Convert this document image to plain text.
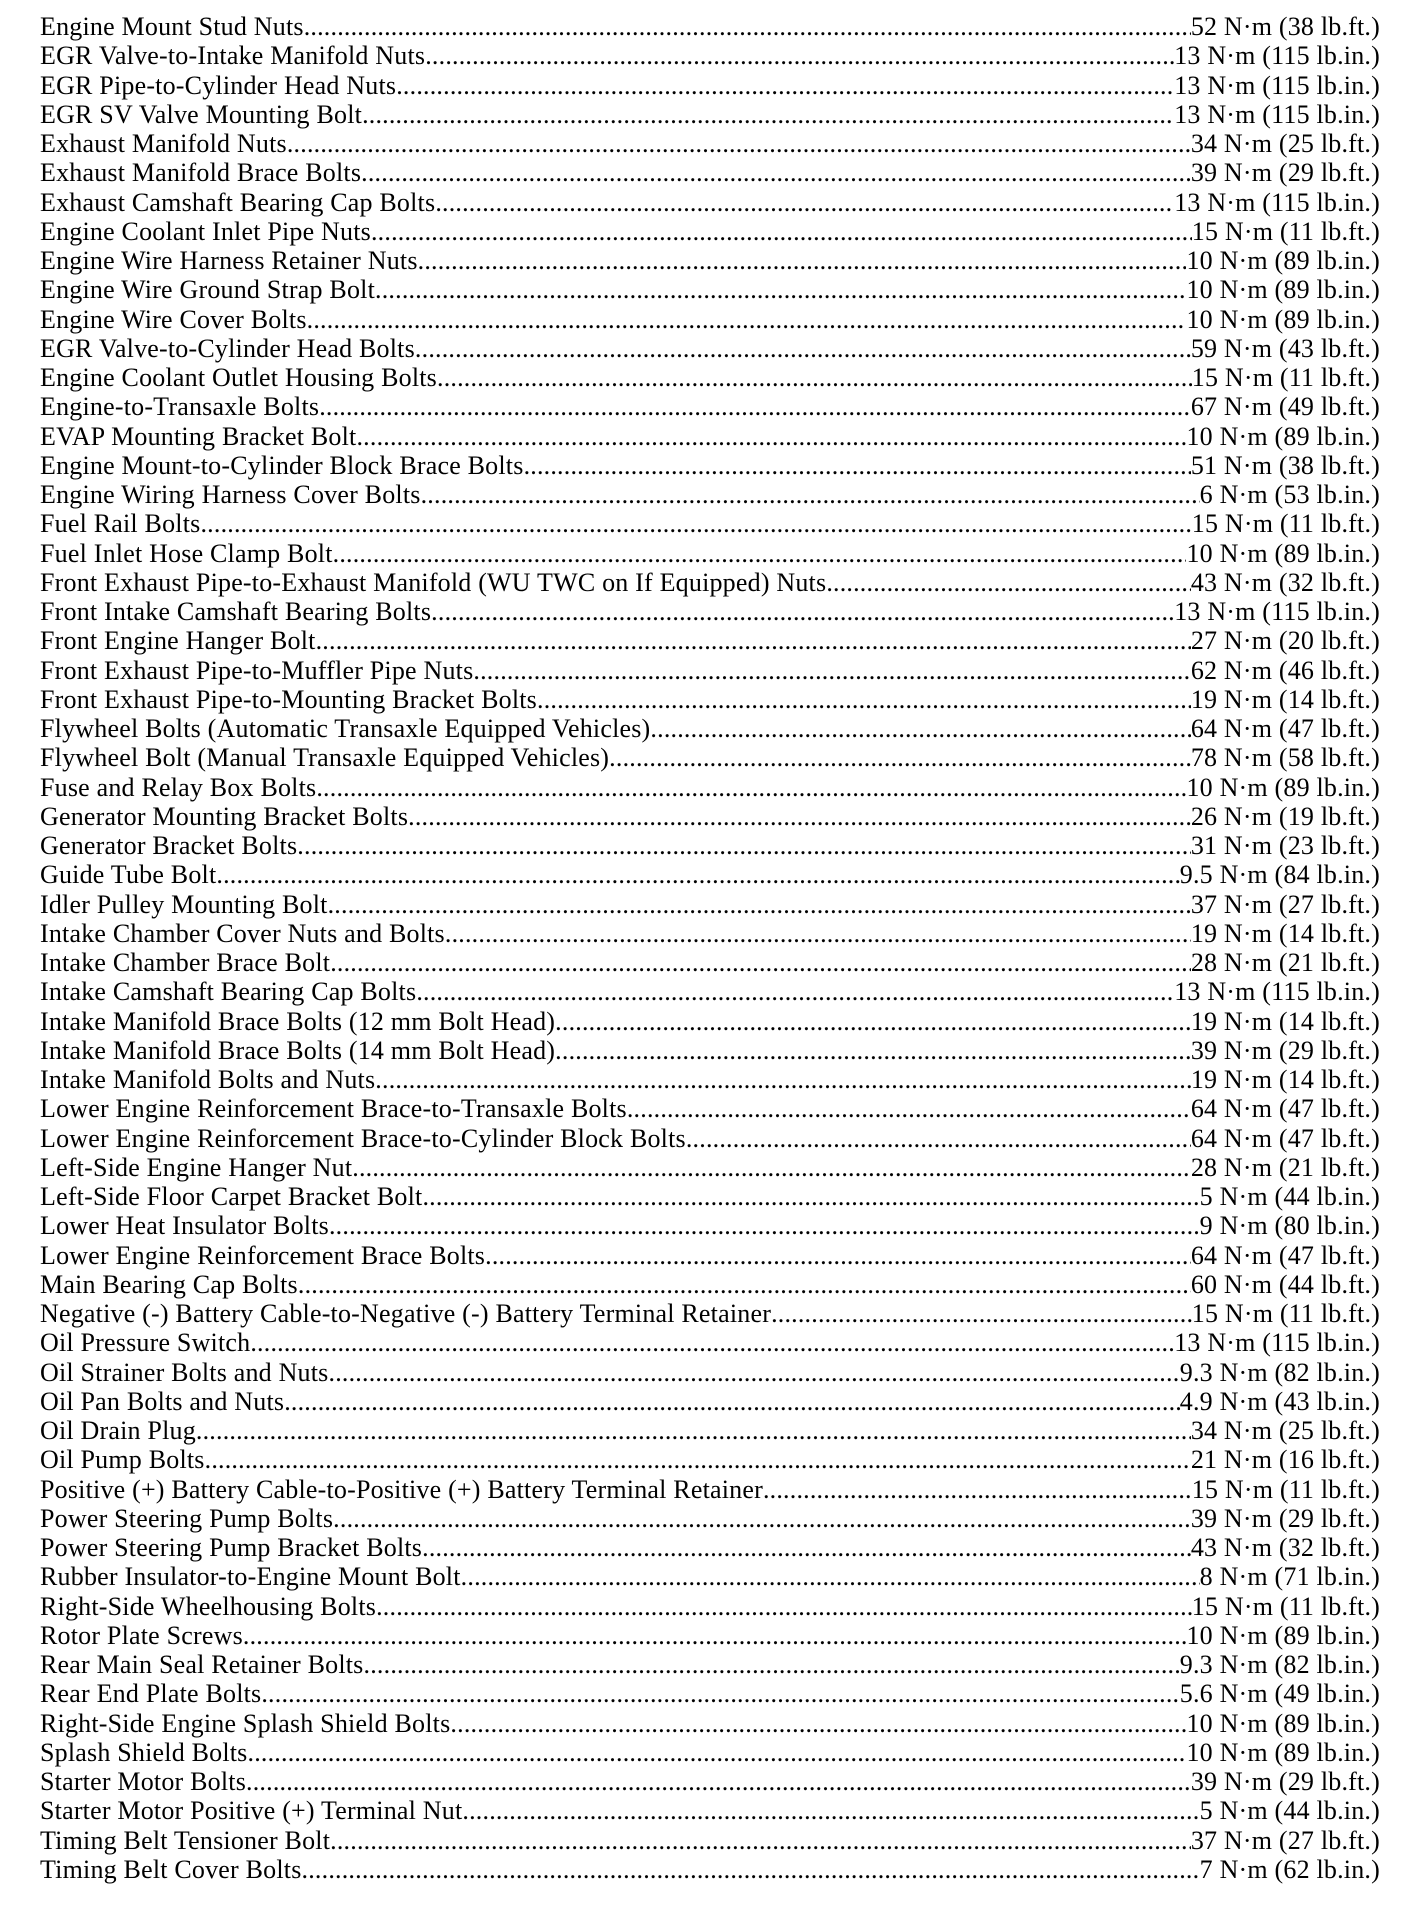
Engine Mount Stud Nuts .....	52 N·m (38 lb.ft.)
EGR Valve-to-Intake Manifold Nuts .....	13 N·m (115 lb.in.)
EGR Pipe-to-Cylinder Head Nuts .....	13 N·m (115 lb.in.)
EGR SV Valve Mounting Bolt .....	13 N·m (115 lb.in.)
Exhaust Manifold Nuts .....	34 N·m (25 lb.ft.)
Exhaust Manifold Brace Bolts .....	39 N·m (29 lb.ft.)
Exhaust Camshaft Bearing Cap Bolts .....	13 N·m (115 lb.in.)
Engine Coolant Inlet Pipe Nuts .....	15 N·m (11 lb.ft.)
Engine Wire Harness Retainer Nuts .....	10 N·m (89 lb.in.)
Engine Wire Ground Strap Bolt .....	10 N·m (89 lb.in.)
Engine Wire Cover Bolts .....	10 N·m (89 lb.in.)
EGR Valve-to-Cylinder Head Bolts .....	59 N·m (43 lb.ft.)
Engine Coolant Outlet Housing Bolts .....	15 N·m (11 lb.ft.)
Engine-to-Transaxle Bolts .....	67 N·m (49 lb.ft.)
EVAP Mounting Bracket Bolt .....	10 N·m (89 lb.in.)
Engine Mount-to-Cylinder Block Brace Bolts .....	51 N·m (38 lb.ft.)
Engine Wiring Harness Cover Bolts .....	6 N·m (53 lb.in.)
Fuel Rail Bolts .....	15 N·m (11 lb.ft.)
Fuel Inlet Hose Clamp Bolt .....	10 N·m (89 lb.in.)
Front Exhaust Pipe-to-Exhaust Manifold (WU TWC on If Equipped) Nuts .....	43 N·m (32 lb.ft.)
Front Intake Camshaft Bearing Bolts .....	13 N·m (115 lb.in.)
Front Engine Hanger Bolt .....	27 N·m (20 lb.ft.)
Front Exhaust Pipe-to-Muffler Pipe Nuts .....	62 N·m (46 lb.ft.)
Front Exhaust Pipe-to-Mounting Bracket Bolts .....	19 N·m (14 lb.ft.)
Flywheel Bolts (Automatic Transaxle Equipped Vehicles) .....	64 N·m (47 lb.ft.)
Flywheel Bolt (Manual Transaxle Equipped Vehicles) .....	78 N·m (58 lb.ft.)
Fuse and Relay Box Bolts .....	10 N·m (89 lb.in.)
Generator Mounting Bracket Bolts .....	26 N·m (19 lb.ft.)
Generator Bracket Bolts .....	31 N·m (23 lb.ft.)
Guide Tube Bolt .....	9.5 N·m (84 lb.in.)
Idler Pulley Mounting Bolt .....	37 N·m (27 lb.ft.)
Intake Chamber Cover Nuts and Bolts .....	19 N·m (14 lb.ft.)
Intake Chamber Brace Bolt .....	28 N·m (21 lb.ft.)
Intake Camshaft Bearing Cap Bolts .....	13 N·m (115 lb.in.)
Intake Manifold Brace Bolts (12 mm Bolt Head) .....	19 N·m (14 lb.ft.)
Intake Manifold Brace Bolts (14 mm Bolt Head) .....	39 N·m (29 lb.ft.)
Intake Manifold Bolts and Nuts .....	19 N·m (14 lb.ft.)
Lower Engine Reinforcement Brace-to-Transaxle Bolts .....	64 N·m (47 lb.ft.)
Lower Engine Reinforcement Brace-to-Cylinder Block Bolts .....	64 N·m (47 lb.ft.)
Left-Side Engine Hanger Nut .....	28 N·m (21 lb.ft.)
Left-Side Floor Carpet Bracket Bolt .....	5 N·m (44 lb.in.)
Lower Heat Insulator Bolts .....	9 N·m (80 lb.in.)
Lower Engine Reinforcement Brace Bolts .....	64 N·m (47 lb.ft.)
Main Bearing Cap Bolts .....	60 N·m (44 lb.ft.)
Negative (-) Battery Cable-to-Negative (-) Battery Terminal Retainer .....	15 N·m (11 lb.ft.)
Oil Pressure Switch .....	13 N·m (115 lb.in.)
Oil Strainer Bolts and Nuts .....	9.3 N·m (82 lb.in.)
Oil Pan Bolts and Nuts .....	4.9 N·m (43 lb.in.)
Oil Drain Plug .....	34 N·m (25 lb.ft.)
Oil Pump Bolts .....	21 N·m (16 lb.ft.)
Positive (+) Battery Cable-to-Positive (+) Battery Terminal Retainer .....	15 N·m (11 lb.ft.)
Power Steering Pump Bolts .....	39 N·m (29 lb.ft.)
Power Steering Pump Bracket Bolts .....	43 N·m (32 lb.ft.)
Rubber Insulator-to-Engine Mount Bolt .....	8 N·m (71 lb.in.)
Right-Side Wheelhousing Bolts .....	15 N·m (11 lb.ft.)
Rotor Plate Screws .....	10 N·m (89 lb.in.)
Rear Main Seal Retainer Bolts .....	9.3 N·m (82 lb.in.)
Rear End Plate Bolts .....	5.6 N·m (49 lb.in.)
Right-Side Engine Splash Shield Bolts .....	10 N·m (89 lb.in.)
Splash Shield Bolts .....	10 N·m (89 lb.in.)
Starter Motor Bolts .....	39 N·m (29 lb.ft.)
Starter Motor Positive (+) Terminal Nut .....	5 N·m (44 lb.in.)
Timing Belt Tensioner Bolt .....	37 N·m (27 lb.ft.)
Timing Belt Cover Bolts .....	7 N·m (62 lb.in.)
